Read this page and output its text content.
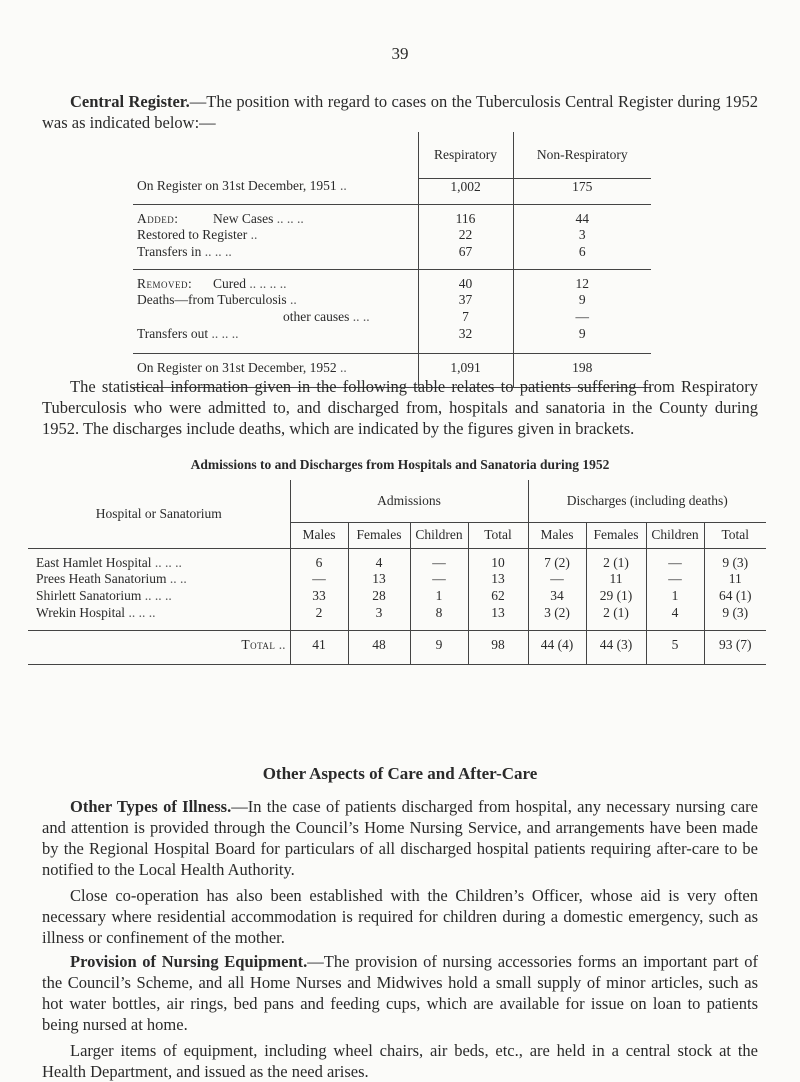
39

Central Register.—The position with regard to cases on the Tuberculosis Central Register during 1952 was as indicated below:—

	Respiratory	Non-Respiratory
On Register on 31st December, 1951 ..	1,002	175
Added: New Cases .. .. ..	116	44
Restored to Register ..	22	3
Transfers in .. .. ..	67	6
Removed: Cured .. .. .. ..	40	12
Deaths—from Tuberculosis ..	37	9
other causes .. ..	7	—
Transfers out .. .. ..	32	9
On Register on 31st December, 1952 ..	1,091	198

The statistical information given in the following table relates to patients suffering from Respiratory Tuberculosis who were admitted to, and discharged from, hospitals and sanatoria in the County during 1952. The discharges include deaths, which are indicated by the figures given in brackets.

Admissions to and Discharges from Hospitals and Sanatoria during 1952
Hospital or Sanatorium	Admissions				Discharges (including deaths)			
	Males	Females	Children	Total	Males	Females	Children	Total
East Hamlet Hospital .. .. ..	6	4	—	10	7 (2)	2 (1)	—	9 (3)
Prees Heath Sanatorium .. ..	—	13	—	13	—	11	—	11
Shirlett Sanatorium .. .. ..	33	28	1	62	34	29 (1)	1	64 (1)
Wrekin Hospital .. .. ..	2	3	8	13	3 (2)	2 (1)	4	9 (3)
Total ..	41	48	9	98	44 (4)	44 (3)	5	93 (7)
Other Aspects of Care and After-Care

Other Types of Illness.—In the case of patients discharged from hospital, any necessary nursing care and attention is provided through the Council’s Home Nursing Service, and arrangements have been made by the Regional Hospital Board for particulars of all discharged hospital patients requiring after-care to be notified to the Local Health Authority.

Close co-operation has also been established with the Children’s Officer, whose aid is very often necessary where residential accommodation is required for children during a domestic emergency, such as illness or confinement of the mother.

Provision of Nursing Equipment.—The provision of nursing accessories forms an important part of the Council’s Scheme, and all Home Nurses and Midwives hold a small supply of minor articles, such as hot water bottles, air rings, bed pans and feeding cups, which are available for issue on loan to patients being nursed at home.

Larger items of equipment, including wheel chairs, air beds, etc., are held in a central stock at the Health Department, and issued as the need arises.
